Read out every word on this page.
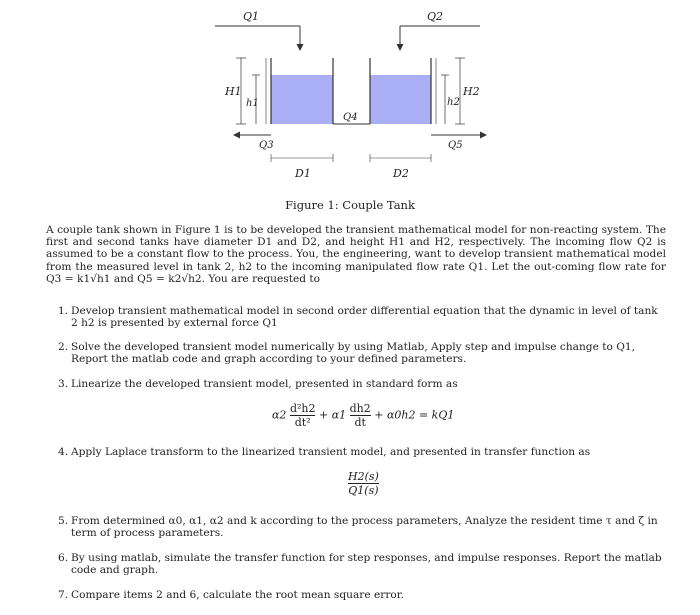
Q1	Q2
H1
h1
H2
h2
Q4
Q3	Q5
D1	D2
Figure 1: Couple Tank
A couple tank shown in Figure 1 is to be developed the transient mathematical model for non-reacting system. The first and second tanks have diameter D1 and D2, and height H1 and H2, respectively. The incoming flow Q2 is assumed to be a constant flow to the process. You, the engineering, want to develop transient mathematical model from the measured level in tank 2, h2 to the incoming manipulated flow rate Q1. Let the out-coming flow rate for Q3 = k1√h1 and Q5 = k2√h2. You are requested to
1. Develop transient mathematical model in second order differential equation that the dynamic in level of tank 2 h2 is presented by external force Q1
2. Solve the developed transient model numerically by using Matlab, Apply step and impulse change to Q1, Report the matlab code and graph according to your defined parameters.
3. Linearize the developed transient model, presented in standard form as
$\alpha 2 \frac{\text{d²h2}}{\text{dt²}} + \alpha 1 \frac{dh2}{dt} + \alpha 0h2 = kQ1$
4. Apply Laplace transform to the linearized transient model, and presented in transfer function as
$\frac{H2(s)}{Q1(s)}$
5. From determined α0, α1, α2 and k according to the process parameters, Analyze the resident time τ and ζ in term of process parameters.
6. By using matlab, simulate the transfer function for step responses, and impulse responses. Report the matlab code and graph.
7. Compare items 2 and 6, calculate the root mean square error.
